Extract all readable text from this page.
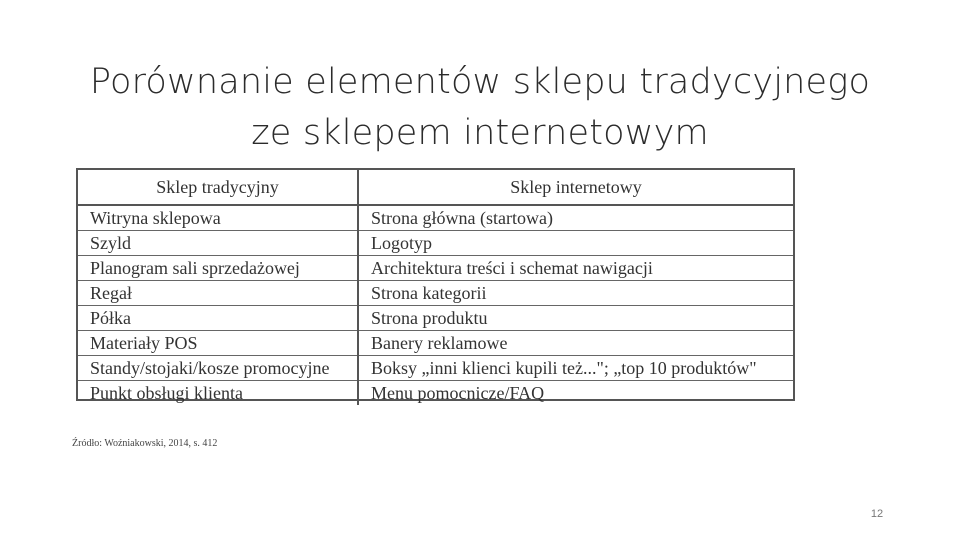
Porównanie elementów sklepu tradycyjnego
ze sklepem internetowym
Sklep tradycyjny	Sklep internetowy
Witryna sklepowa	Strona główna (startowa)
Szyld	Logotyp
Planogram sali sprzedażowej	Architektura treści i schemat nawigacji
Regał	Strona kategorii
Półka	Strona produktu
Materiały POS	Banery reklamowe
Standy/stojaki/kosze promocyjne	Boksy „inni klienci kupili też..."; „top 10 produktów"
Punkt obsługi klienta	Menu pomocnicze/FAQ
Źródło: Woźniakowski, 2014, s. 412
12
